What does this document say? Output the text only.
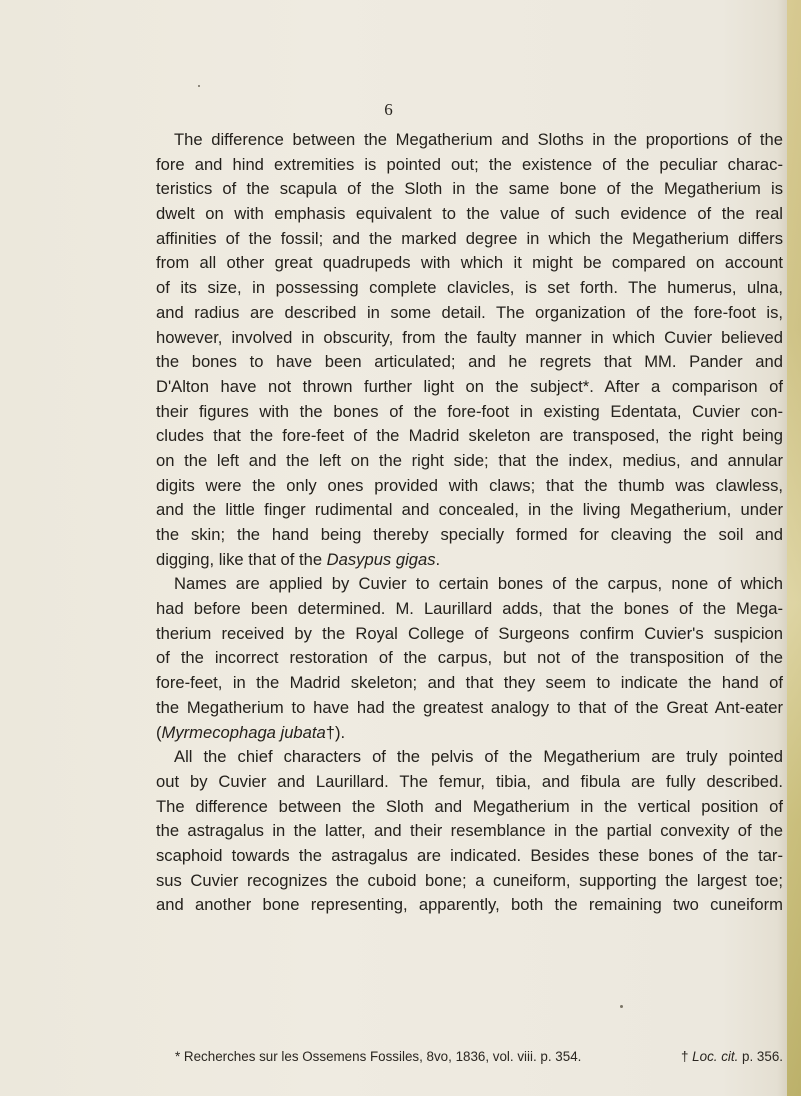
6
The difference between the Megatherium and Sloths in the proportions of the
fore and hind extremities is pointed out; the existence of the peculiar charac-
teristics of the scapula of the Sloth in the same bone of the Megatherium is
dwelt on with emphasis equivalent to the value of such evidence of the real
affinities of the fossil; and the marked degree in which the Megatherium differs
from all other great quadrupeds with which it might be compared on account
of its size, in possessing complete clavicles, is set forth. The humerus, ulna,
and radius are described in some detail. The organization of the fore-foot is,
however, involved in obscurity, from the faulty manner in which Cuvier believed
the bones to have been articulated; and he regrets that MM. Pander and
D'Alton have not thrown further light on the subject*. After a comparison of
their figures with the bones of the fore-foot in existing Edentata, Cuvier con-
cludes that the fore-feet of the Madrid skeleton are transposed, the right being
on the left and the left on the right side; that the index, medius, and annular
digits were the only ones provided with claws; that the thumb was clawless,
and the little finger rudimental and concealed, in the living Megatherium, under
the skin; the hand being thereby specially formed for cleaving the soil and
digging, like that of the Dasypus gigas.
Names are applied by Cuvier to certain bones of the carpus, none of which
had before been determined. M. Laurillard adds, that the bones of the Mega-
therium received by the Royal College of Surgeons confirm Cuvier's suspicion
of the incorrect restoration of the carpus, but not of the transposition of the
fore-feet, in the Madrid skeleton; and that they seem to indicate the hand of
the Megatherium to have had the greatest analogy to that of the Great Ant-eater
(Myrmecophaga jubata†).
All the chief characters of the pelvis of the Megatherium are truly pointed
out by Cuvier and Laurillard. The femur, tibia, and fibula are fully described.
The difference between the Sloth and Megatherium in the vertical position of
the astragalus in the latter, and their resemblance in the partial convexity of the
scaphoid towards the astragalus are indicated. Besides these bones of the tar-
sus Cuvier recognizes the cuboid bone; a cuneiform, supporting the largest toe;
and another bone representing, apparently, both the remaining two cuneiform
* Recherches sur les Ossemens Fossiles, 8vo, 1836, vol. viii. p. 354.	† Loc. cit. p. 356.
